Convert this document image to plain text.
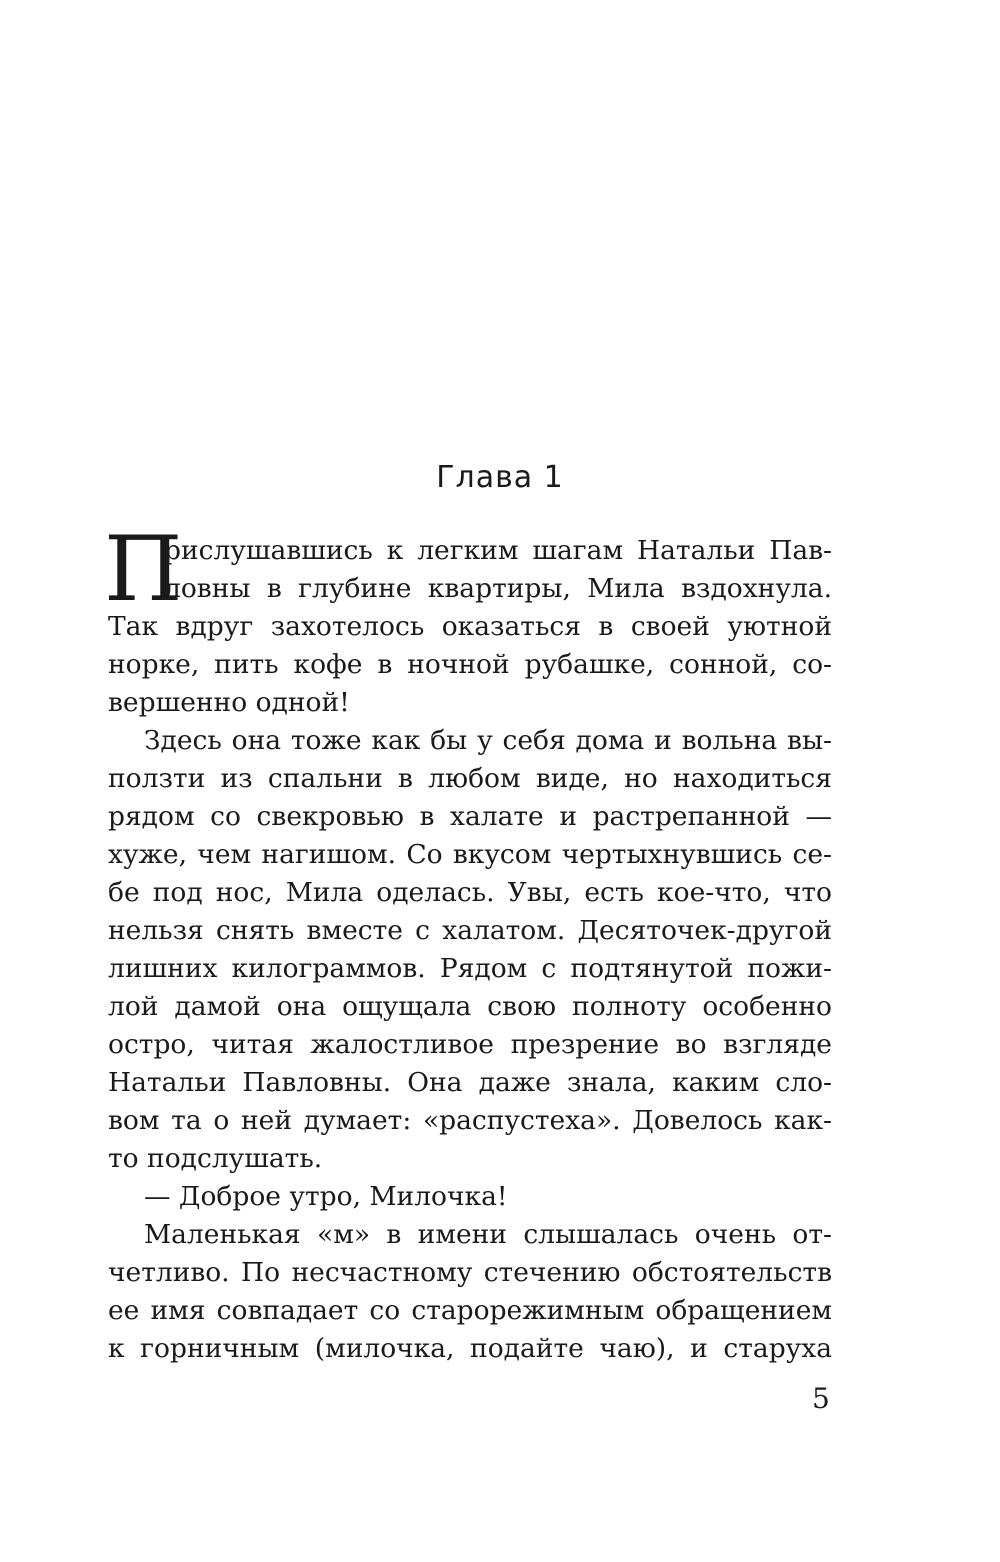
Глава 1
П
рислушавшись к легким шагам Натальи Пав-
ловны в глубине квартиры, Мила вздохнула.
Так вдруг захотелось оказаться в своей уютной
норке, пить кофе в ночной рубашке, сонной, со-
вершенно одной!
Здесь она тоже как бы у себя дома и вольна вы-
ползти из спальни в любом виде, но находиться
рядом со свекровью в халате и растрепанной —
хуже, чем нагишом. Со вкусом чертыхнувшись се-
бе под нос, Мила оделась. Увы, есть кое-что, что
нельзя снять вместе с халатом. Десяточек-другой
лишних килограммов. Рядом с подтянутой пожи-
лой дамой она ощущала свою полноту особенно
остро, читая жалостливое презрение во взгляде
Натальи Павловны. Она даже знала, каким сло-
вом та о ней думает: «распустеха». Довелось как-
то подслушать.
— Доброе утро, Милочка!
Маленькая «м» в имени слышалась очень от-
четливо. По несчастному стечению обстоятельств
ее имя совпадает со старорежимным обращением
к горничным (милочка, подайте чаю), и старуха
5
